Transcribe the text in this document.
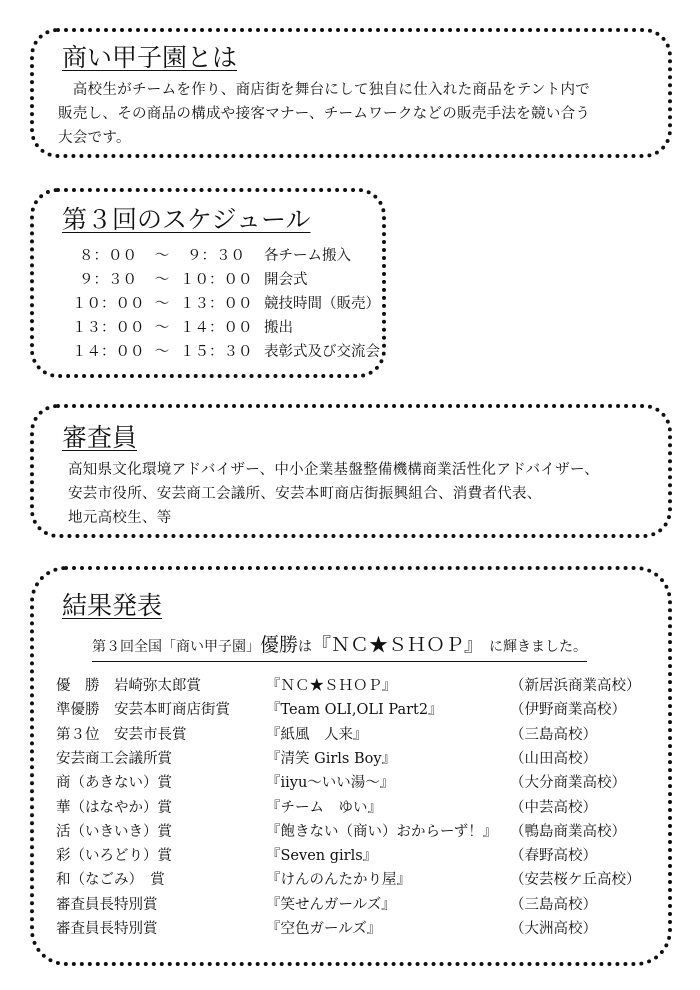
商い甲子園とは
　高校生がチームを作り、商店街を舞台にして独自に仕入れた商品をテント内で
販売し、その商品の構成や接客マナー、チームワークなどの販売手法を競い合う
大会です。
第３回のスケジュール
８：００	～	９：３０	各チーム搬入
９：３０	～ １０：００ 開会式
１０：００ ～ １３：００ 競技時間（販売）
１３：００ ～ １４：００ 搬出
１４：００ ～ １５：３０ 表彰式及び交流会
審査員
高知県文化環境アドバイザー、中小企業基盤整備機構商業活性化アドバイザー、
安芸市役所、安芸商工会議所、安芸本町商店街振興組合、消費者代表、
地元高校生、等
結果発表
第３回全国「商い甲子園」優勝は『ＮＣ★ＳＨＯＰ』 に輝きました。
優　勝　岩崎弥太郎賞	『ＮＣ★ＳＨＯＰ』	（新居浜商業高校）
準優勝　安芸本町商店街賞 『Team OLI,OLI Part2』	（伊野商業高校）
第３位　安芸市長賞	『紙風　人来』	（三島高校）
安芸商工会議所賞	『清笑 Girls Boy』	（山田高校）
商（あきない）賞	『iiyu～いい湯～』	（大分商業高校）
華（はなやか）賞	『チーム　ゆい』	（中芸高校）
活（いきいき）賞	『飽きない（商い）おからーず！』 （鴨島商業高校）
彩（いろどり）賞	『Seven girls』	（春野高校）
和（なごみ）　賞	『けんのんたかり屋』	（安芸桜ケ丘高校）
審査員長特別賞	『笑せんガールズ』	（三島高校）
審査員長特別賞	『空色ガールズ』	（大洲高校）
